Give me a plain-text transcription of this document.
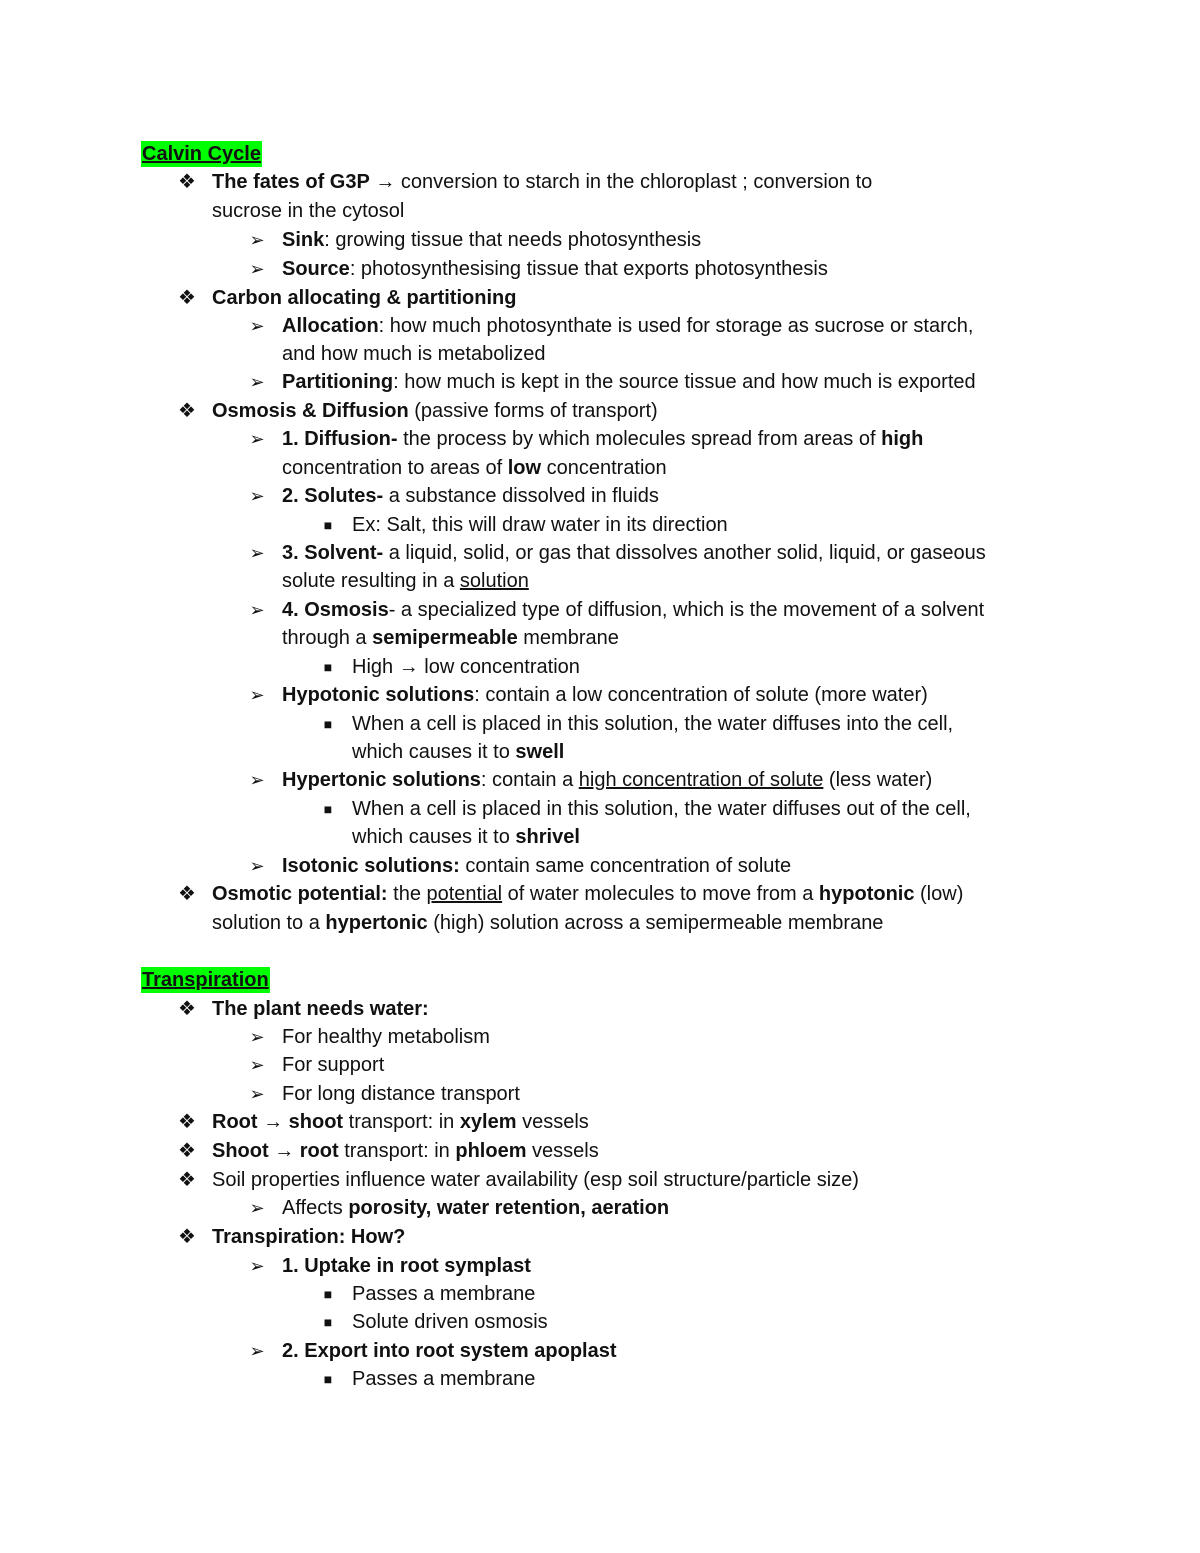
Calvin Cycle
❖ The fates of G3P → conversion to starch in the chloroplast ; conversion to
sucrose in the cytosol
➢ Sink: growing tissue that needs photosynthesis
➢ Source: photosynthesising tissue that exports photosynthesis
❖ Carbon allocating & partitioning
➢ Allocation: how much photosynthate is used for storage as sucrose or starch,
and how much is metabolized
➢ Partitioning: how much is kept in the source tissue and how much is exported
❖ Osmosis & Diffusion (passive forms of transport)
➢ 1. Diffusion- the process by which molecules spread from areas of high
concentration to areas of low concentration
➢ 2. Solutes- a substance dissolved in fluids
■ Ex: Salt, this will draw water in its direction
➢ 3. Solvent- a liquid, solid, or gas that dissolves another solid, liquid, or gaseous
solute resulting in a solution
➢ 4. Osmosis- a specialized type of diffusion, which is the movement of a solvent
through a semipermeable membrane
■ High → low concentration
➢ Hypotonic solutions: contain a low concentration of solute (more water)
■ When a cell is placed in this solution, the water diffuses into the cell,
which causes it to swell
➢ Hypertonic solutions: contain a high concentration of solute (less water)
■ When a cell is placed in this solution, the water diffuses out of the cell,
which causes it to shrivel
➢ Isotonic solutions: contain same concentration of solute
❖ Osmotic potential: the potential of water molecules to move from a hypotonic (low)
solution to a hypertonic (high) solution across a semipermeable membrane
Transpiration
❖ The plant needs water:
➢ For healthy metabolism
➢ For support
➢ For long distance transport
❖ Root → shoot transport: in xylem vessels
❖ Shoot → root transport: in phloem vessels
❖ Soil properties influence water availability (esp soil structure/particle size)
➢ Affects porosity, water retention, aeration
❖ Transpiration: How?
➢ 1. Uptake in root symplast
■ Passes a membrane
■ Solute driven osmosis
➢ 2. Export into root system apoplast
■ Passes a membrane
